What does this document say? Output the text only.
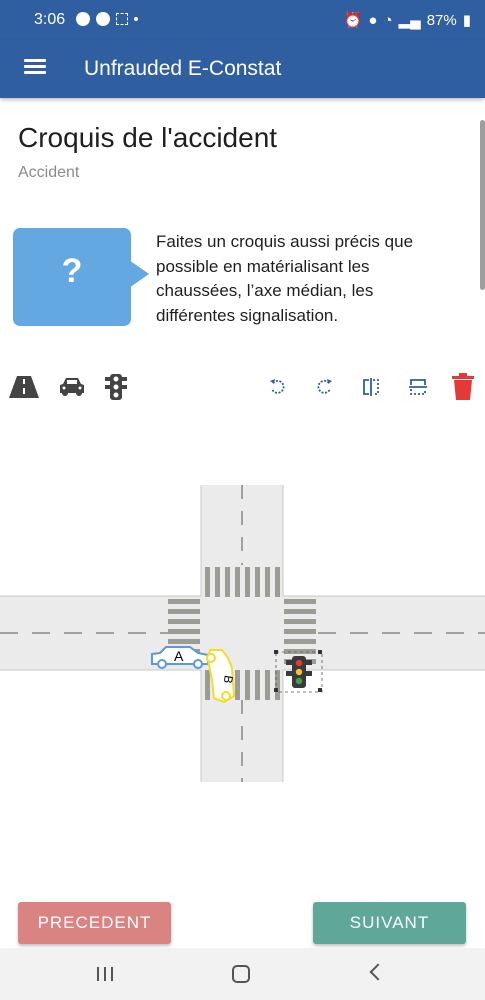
3:06	⏰ ● ◔ ▂▄ 87% ▮
Unfrauded E-Constat
Croquis de l'accident
Accident
?
Faites un croquis aussi précis que possible en matérialisant les chaussées, l’axe médian, les différentes signalisation.
A
B
PRECEDENT	SUIVANT
